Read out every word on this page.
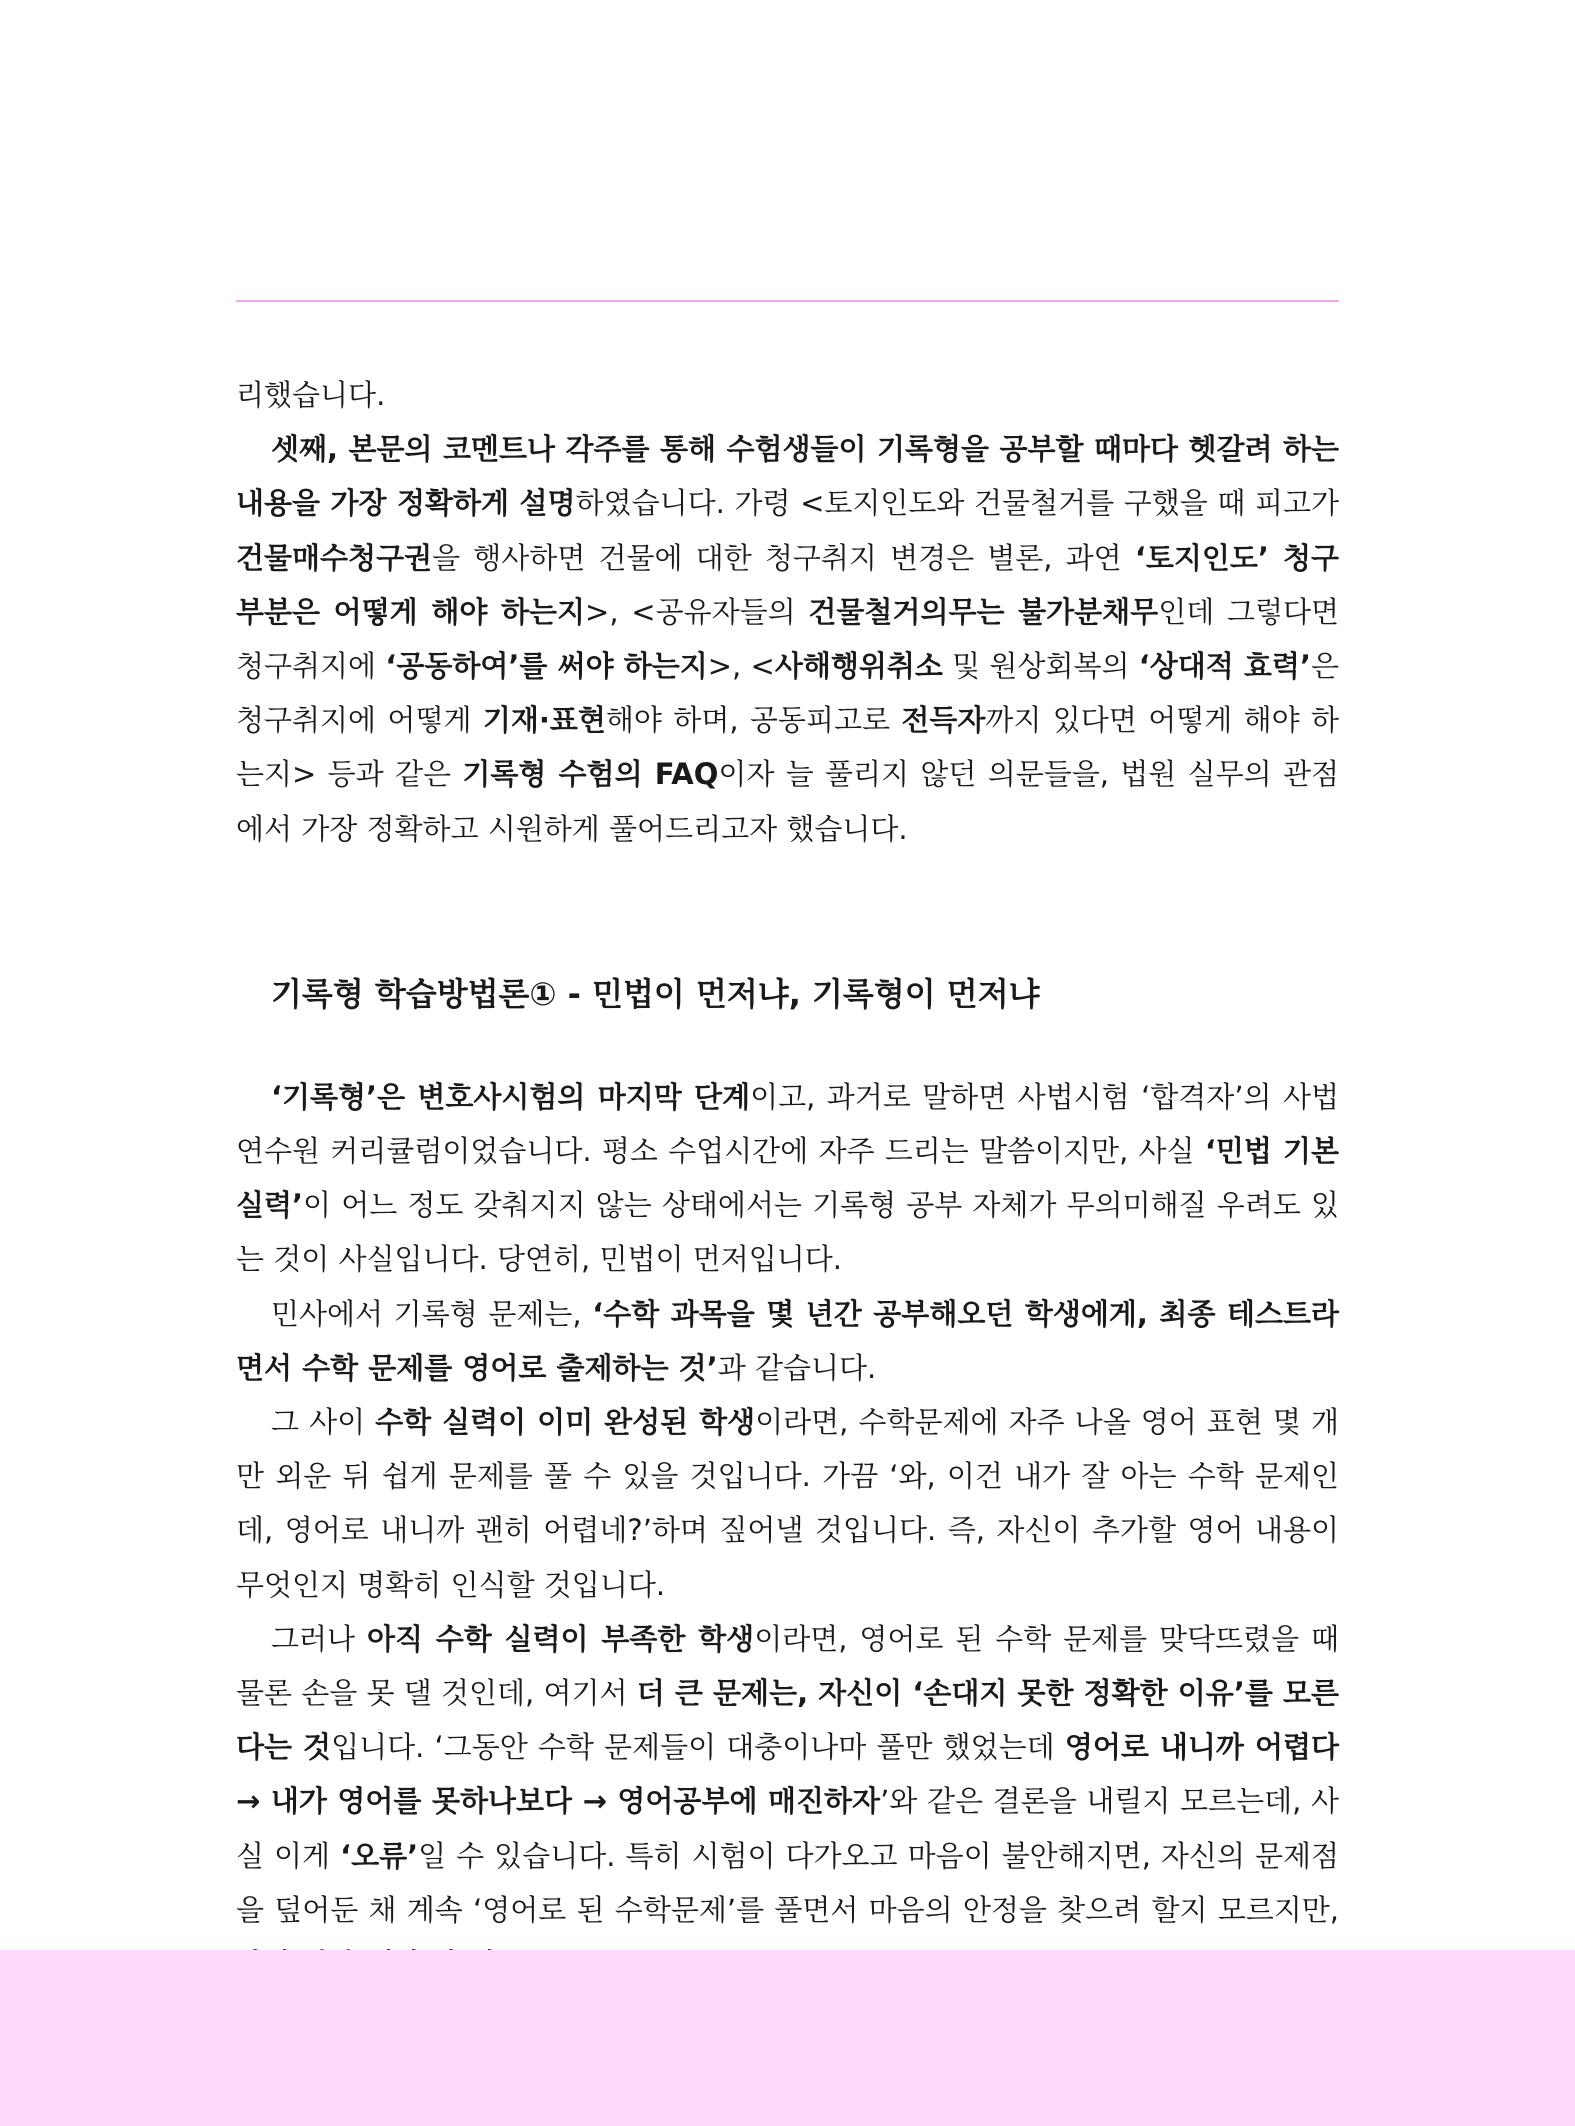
리했습니다.

셋째, 본문의 코멘트나 각주를 통해 수험생들이 기록형을 공부할 때마다 헷갈려 하는 내용을 가장 정확하게 설명하였습니다. 가령 <토지인도와 건물철거를 구했을 때 피고가 건물매수청구권을 행사하면 건물에 대한 청구취지 변경은 별론, 과연 ‘토지인도’ 청구 부분은 어떻게 해야 하는지>, <공유자들의 건물철거의무는 불가분채무인데 그렇다면 청구취지에 ‘공동하여’를 써야 하는지>, <사해행위취소 및 원상회복의 ‘상대적 효력’은 청구취지에 어떻게 기재·표현해야 하며, 공동피고로 전득자까지 있다면 어떻게 해야 하는지> 등과 같은 기록형 수험의 FAQ이자 늘 풀리지 않던 의문들을, 법원 실무의 관점에서 가장 정확하고 시원하게 풀어드리고자 했습니다.

기록형 학습방법론① - 민법이 먼저냐, 기록형이 먼저냐

‘기록형’은 변호사시험의 마지막 단계이고, 과거로 말하면 사법시험 ‘합격자’의 사법연수원 커리큘럼이었습니다. 평소 수업시간에 자주 드리는 말씀이지만, 사실 ‘민법 기본실력’이 어느 정도 갖춰지지 않는 상태에서는 기록형 공부 자체가 무의미해질 우려도 있는 것이 사실입니다. 당연히, 민법이 먼저입니다.

민사에서 기록형 문제는, ‘수학 과목을 몇 년간 공부해오던 학생에게, 최종 테스트라면서 수학 문제를 영어로 출제하는 것’과 같습니다.

그 사이 수학 실력이 이미 완성된 학생이라면, 수학문제에 자주 나올 영어 표현 몇 개만 외운 뒤 쉽게 문제를 풀 수 있을 것입니다. 가끔 ‘와, 이건 내가 잘 아는 수학 문제인데, 영어로 내니까 괜히 어렵네?’하며 짚어낼 것입니다. 즉, 자신이 추가할 영어 내용이 무엇인지 명확히 인식할 것입니다.

그러나 아직 수학 실력이 부족한 학생이라면, 영어로 된 수학 문제를 맞닥뜨렸을 때 물론 손을 못 댈 것인데, 여기서 더 큰 문제는, 자신이 ‘손대지 못한 정확한 이유’를 모른다는 것입니다. ‘그동안 수학 문제들이 대충이나마 풀만 했었는데 영어로 내니까 어렵다 → 내가 영어를 못하나보다 → 영어공부에 매진하자’와 같은 결론을 내릴지 모르는데, 사실 이게 ‘오류’일 수 있습니다. 특히 시험이 다가오고 마음이 불안해지면, 자신의 문제점을 덮어둔 채 계속 ‘영어로 된 수학문제’를 풀면서 마음의 안정을 찾으려 할지 모르지만,
